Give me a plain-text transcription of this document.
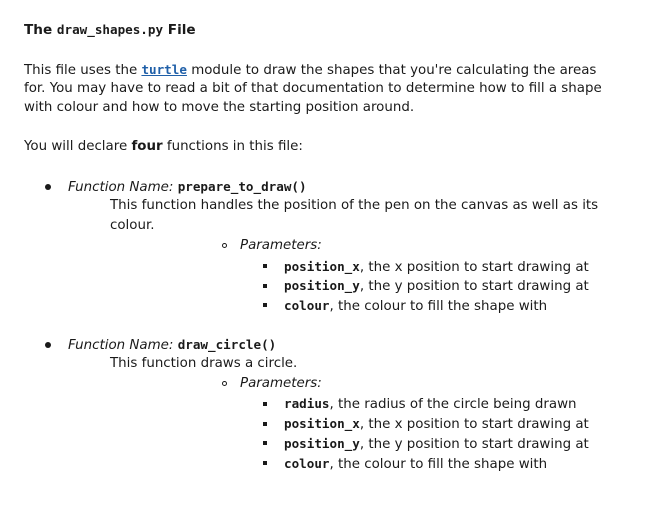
The draw_shapes.py File
This file uses the turtle module to draw the shapes that you're calculating the areas
for. You may have to read a bit of that documentation to determine how to fill a shape
with colour and how to move the starting position around.
You will declare four functions in this file:
Function Name: prepare_to_draw()
This function handles the position of the pen on the canvas as well as its
colour.
Parameters:
position_x, the x position to start drawing at
position_y, the y position to start drawing at
colour, the colour to fill the shape with
Function Name: draw_circle()
This function draws a circle.
Parameters:
radius, the radius of the circle being drawn
position_x, the x position to start drawing at
position_y, the y position to start drawing at
colour, the colour to fill the shape with
